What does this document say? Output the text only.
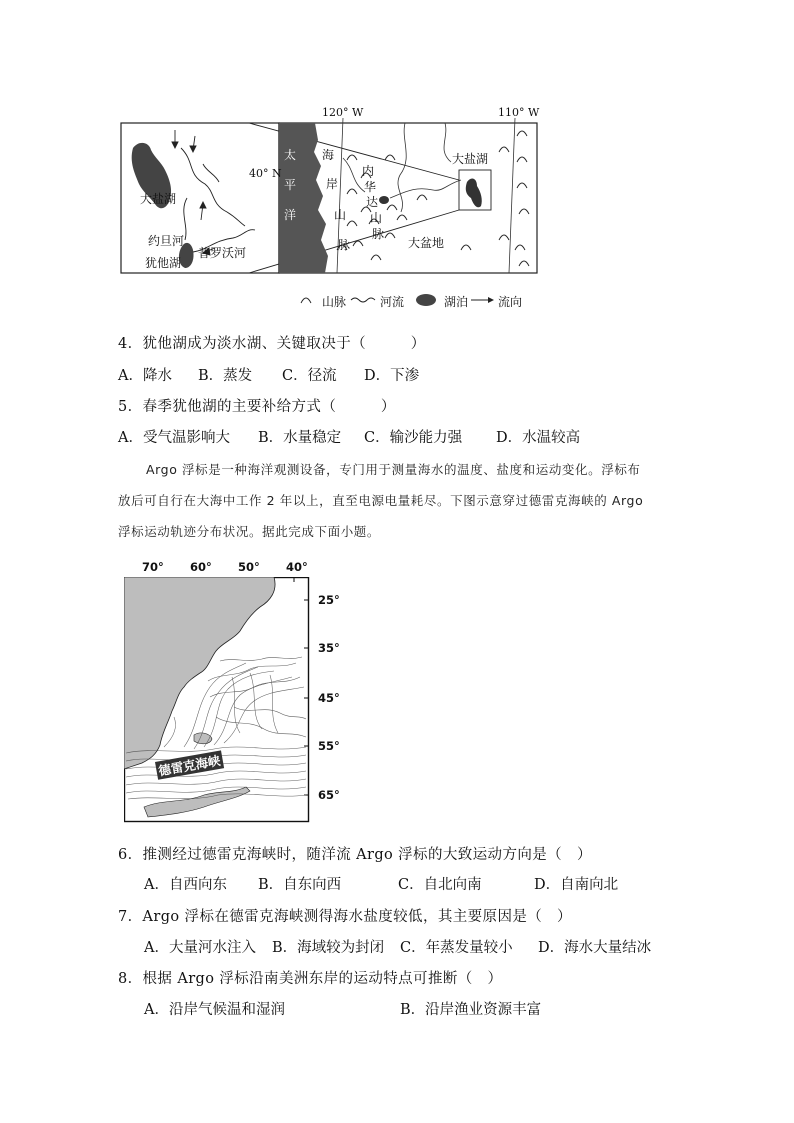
120° W	110° W
40° N
太
平
洋
海
岸
山
脉
内
华
达
山
脉
大盐湖
大盆地
大盐湖
约旦河
犹他湖
普罗沃河
山脉	河流	湖泊 流向
4．犹他湖成为淡水湖、关键取决于（　　　）
A．降水 B．蒸发 C．径流 D．下渗
5．春季犹他湖的主要补给方式（　　　）
A．受气温影响大 B．水量稳定 C．输沙能力强 D．水温较高
Argo 浮标是一种海洋观测设备，专门用于测量海水的温度、盐度和运动变化。浮标布
放后可自行在大海中工作 2 年以上，直至电源电量耗尽。下图示意穿过德雷克海峡的 Argo
浮标运动轨迹分布状况。据此完成下面小题。
70° 60° 50° 40°
25°
35°
45°
55°
65°
德雷克海峡
6．推测经过德雷克海峡时，随洋流 Argo 浮标的大致运动方向是（　）
A．自西向东 B．自东向西	C．自北向南	D．自南向北
7．Argo 浮标在德雷克海峡测得海水盐度较低，其主要原因是（　）
A．大量河水注入 B．海域较为封闭 C．年蒸发量较小 D．海水大量结冰
8．根据 Argo 浮标沿南美洲东岸的运动特点可推断（　）
A．沿岸气候温和湿润	B．沿岸渔业资源丰富
